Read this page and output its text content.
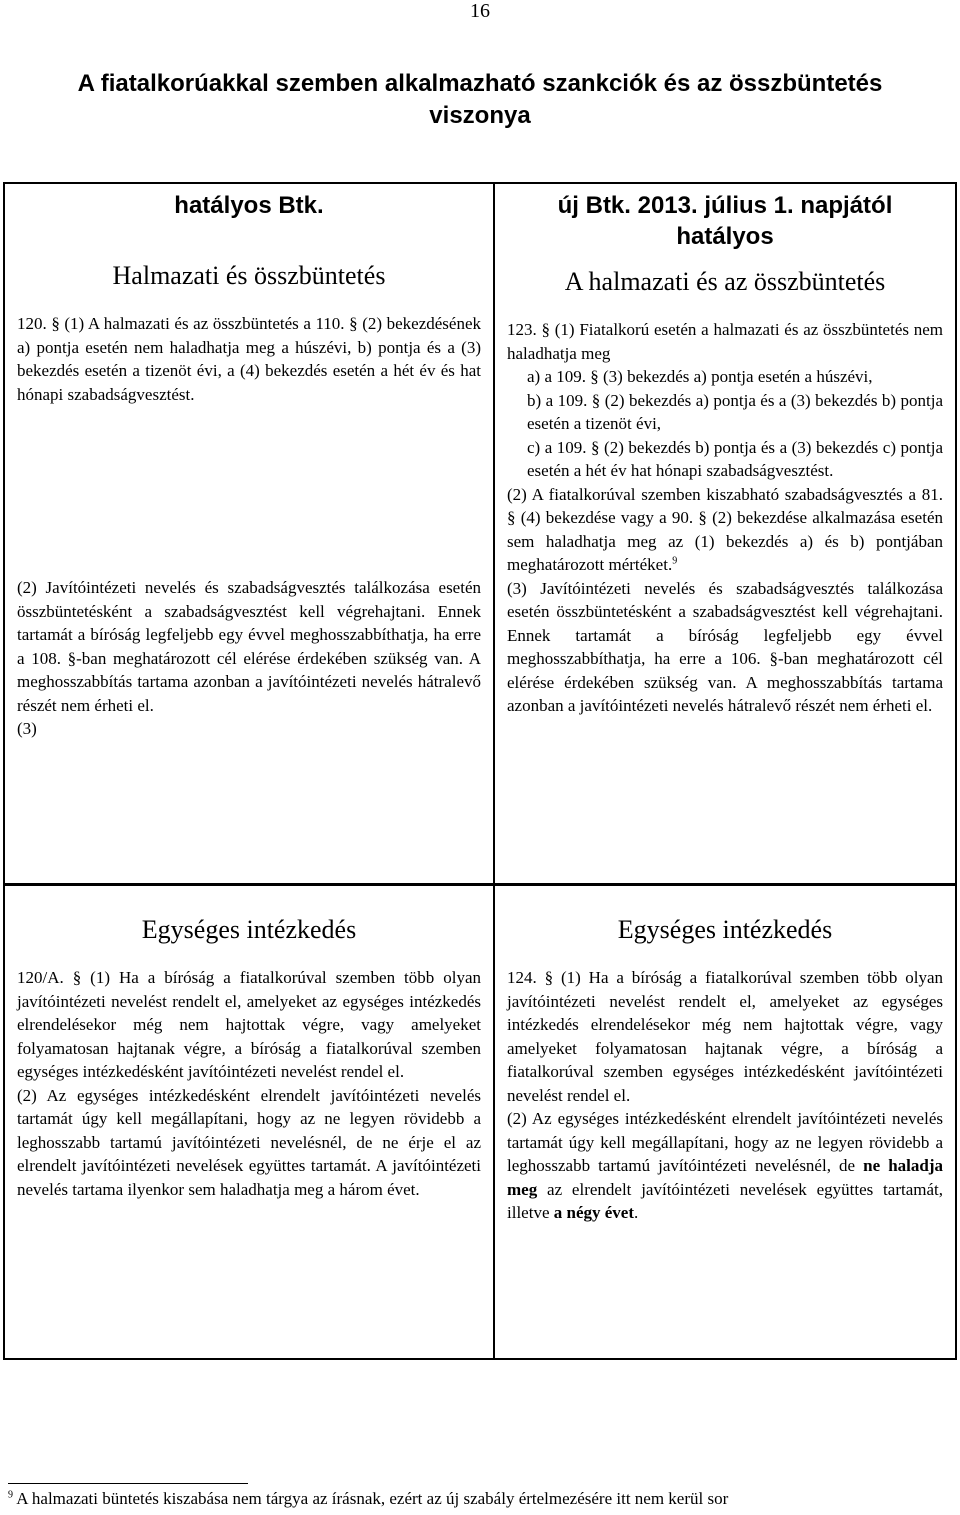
16
A fiatalkorúakkal szemben alkalmazható szankciók és az összbüntetés viszonya
hatályos Btk.
Halmazati és összbüntetés

120. § (1) A halmazati és az összbüntetés a 110. § (2) bekezdésének a) pontja esetén nem haladhatja meg a húszévi, b) pontja és a (3) bekezdés esetén a tizenöt évi, a (4) bekezdés esetén a hét év és hat hónapi szabadságvesztést.

(2) Javítóintézeti nevelés és szabadságvesztés találkozása esetén összbüntetésként a szabadságvesztést kell végrehajtani. Ennek tartamát a bíróság legfeljebb egy évvel meghosszabbíthatja, ha erre a 108. §-ban meghatározott cél elérése érdekében szükség van. A meghosszabbítás tartama azonban a javítóintézeti nevelés hátralevő részét nem érheti el.

(3)

új Btk. 2013. július 1. napjától hatályos
A halmazati és az összbüntetés

123. § (1) Fiatalkorú esetén a halmazati és az összbüntetés nem haladhatja meg

a) a 109. § (3) bekezdés a) pontja esetén a húszévi,

b) a 109. § (2) bekezdés a) pontja és a (3) bekezdés b) pontja esetén a tizenöt évi,

c) a 109. § (2) bekezdés b) pontja és a (3) bekezdés c) pontja esetén a hét év hat hónapi szabadságvesztést.

(2) A fiatalkorúval szemben kiszabható szabadságvesztés a 81. § (4) bekezdése vagy a 90. § (2) bekezdése alkalmazása esetén sem haladhatja meg az (1) bekezdés a) és b) pontjában meghatározott mértéket.$^9$

(3) Javítóintézeti nevelés és szabadságvesztés találkozása esetén összbüntetésként a szabadságvesztést kell végrehajtani. Ennek tartamát a bíróság legfeljebb egy évvel meghosszabbíthatja, ha erre a 106. §-ban meghatározott cél elérése érdekében szükség van. A meghosszabbítás tartama azonban a javítóintézeti nevelés hátralevő részét nem érheti el.

Egységes intézkedés

120/A. § (1) Ha a bíróság a fiatalkorúval szemben több olyan javítóintézeti nevelést rendelt el, amelyeket az egységes intézkedés elrendelésekor még nem hajtottak végre, vagy amelyeket folyamatosan hajtanak végre, a bíróság a fiatalkorúval szemben egységes intézkedésként javítóintézeti nevelést rendel el.

(2) Az egységes intézkedésként elrendelt javítóintézeti nevelés tartamát úgy kell megállapítani, hogy az ne legyen rövidebb a leghosszabb tartamú javítóintézeti nevelésnél, de ne érje el az elrendelt javítóintézeti nevelések együttes tartamát. A javítóintézeti nevelés tartama ilyenkor sem haladhatja meg a három évet.

Egységes intézkedés

124. § (1) Ha a bíróság a fiatalkorúval szemben több olyan javítóintézeti nevelést rendelt el, amelyeket az egységes intézkedés elrendelésekor még nem hajtottak végre, vagy amelyeket folyamatosan hajtanak végre, a bíróság a fiatalkorúval szemben egységes intézkedésként javítóintézeti nevelést rendel el.

(2) Az egységes intézkedésként elrendelt javítóintézeti nevelés tartamát úgy kell megállapítani, hogy az ne legyen rövidebb a leghosszabb tartamú javítóintézeti nevelésnél, de ne haladja meg az elrendelt javítóintézeti nevelések együttes tartamát, illetve a négy évet.

$^9$ A halmazati büntetés kiszabása nem tárgya az írásnak, ezért az új szabály értelmezésére itt nem kerül sor
